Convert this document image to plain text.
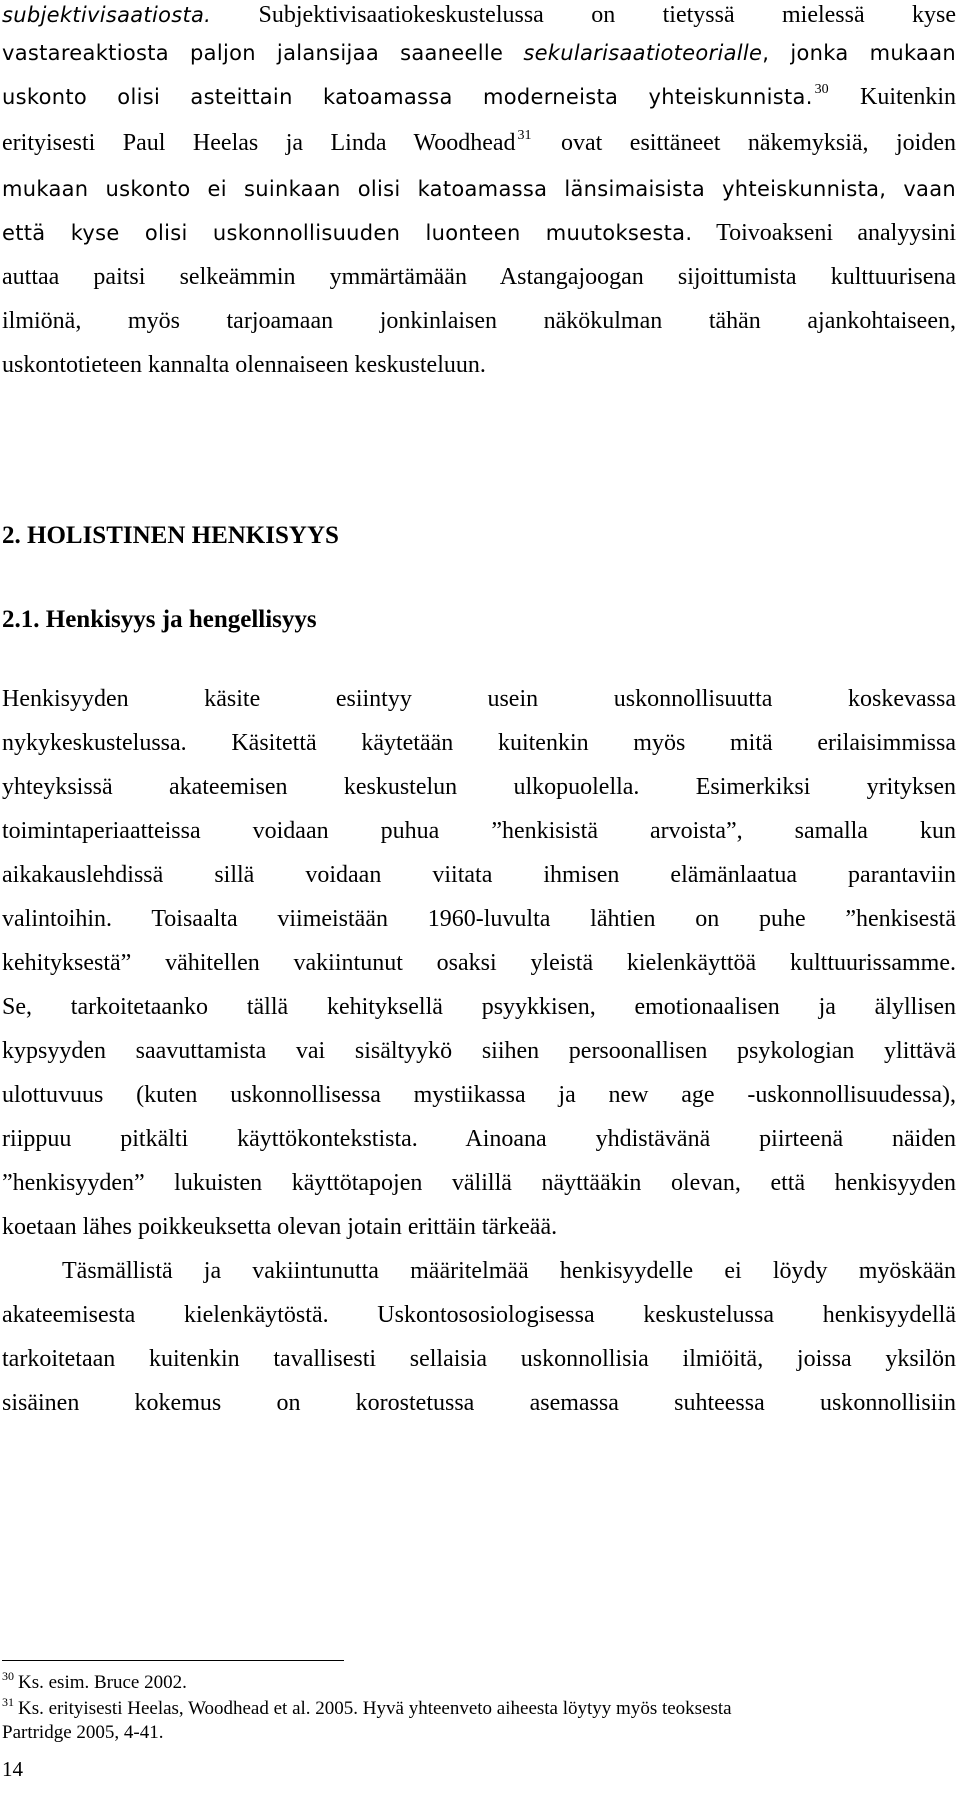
subjektivisaatiosta. Subjektivisaatiokeskustelussa on tietyssä mielessä kyse
vastareaktiosta paljon jalansijaa saaneelle sekularisaatioteorialle, jonka mukaan
uskonto olisi asteittain katoamassa moderneista yhteiskunnista. $^{30}$ Kuitenkin
erityisesti Paul Heelas ja Linda Woodhead $^{31}$ ovat esittäneet näkemyksiä, joiden
mukaan uskonto ei suinkaan olisi katoamassa länsimaisista yhteiskunnista, vaan
että kyse olisi uskonnollisuuden luonteen muutoksesta. Toivoakseni analyysini
auttaa paitsi selkeämmin ymmärtämään Astangajoogan sijoittumista kulttuurisena
ilmiönä, myös tarjoamaan jonkinlaisen näkökulman tähän ajankohtaiseen,
uskontotieteen kannalta olennaiseen keskusteluun.
2. HOLISTINEN HENKISYYS
2.1. Henkisyys ja hengellisyys
Henkisyyden käsite esiintyy usein uskonnollisuutta koskevassa
nykykeskustelussa. Käsitettä käytetään kuitenkin myös mitä erilaisimmissa
yhteyksissä akateemisen keskustelun ulkopuolella. Esimerkiksi yrityksen
toimintaperiaatteissa voidaan puhua ”henkisistä arvoista”, samalla kun
aikakauslehdissä sillä voidaan viitata ihmisen elämänlaatua parantaviin
valintoihin. Toisaalta viimeistään 1960-luvulta lähtien on puhe ”henkisestä
kehityksestä” vähitellen vakiintunut osaksi yleistä kielenkäyttöä kulttuurissamme.
Se, tarkoitetaanko tällä kehityksellä psyykkisen, emotionaalisen ja älyllisen
kypsyyden saavuttamista vai sisältyykö siihen persoonallisen psykologian ylittävä
ulottuvuus (kuten uskonnollisessa mystiikassa ja new age -uskonnollisuudessa),
riippuu pitkälti käyttökontekstista. Ainoana yhdistävänä piirteenä näiden
”henkisyyden” lukuisten käyttötapojen välillä näyttääkin olevan, että henkisyyden
koetaan lähes poikkeuksetta olevan jotain erittäin tärkeää.
Täsmällistä ja vakiintunutta määritelmää henkisyydelle ei löydy myöskään
akateemisesta kielenkäytöstä. Uskontososiologisessa keskustelussa henkisyydellä
tarkoitetaan kuitenkin tavallisesti sellaisia uskonnollisia ilmiöitä, joissa yksilön
sisäinen kokemus on korostetussa asemassa suhteessa uskonnollisiin
$^{30}$ Ks. esim. Bruce 2002.
$^{31}$ Ks. erityisesti Heelas, Woodhead et al. 2005. Hyvä yhteenveto aiheesta löytyy myös teoksesta
Partridge 2005, 4-41.
14
